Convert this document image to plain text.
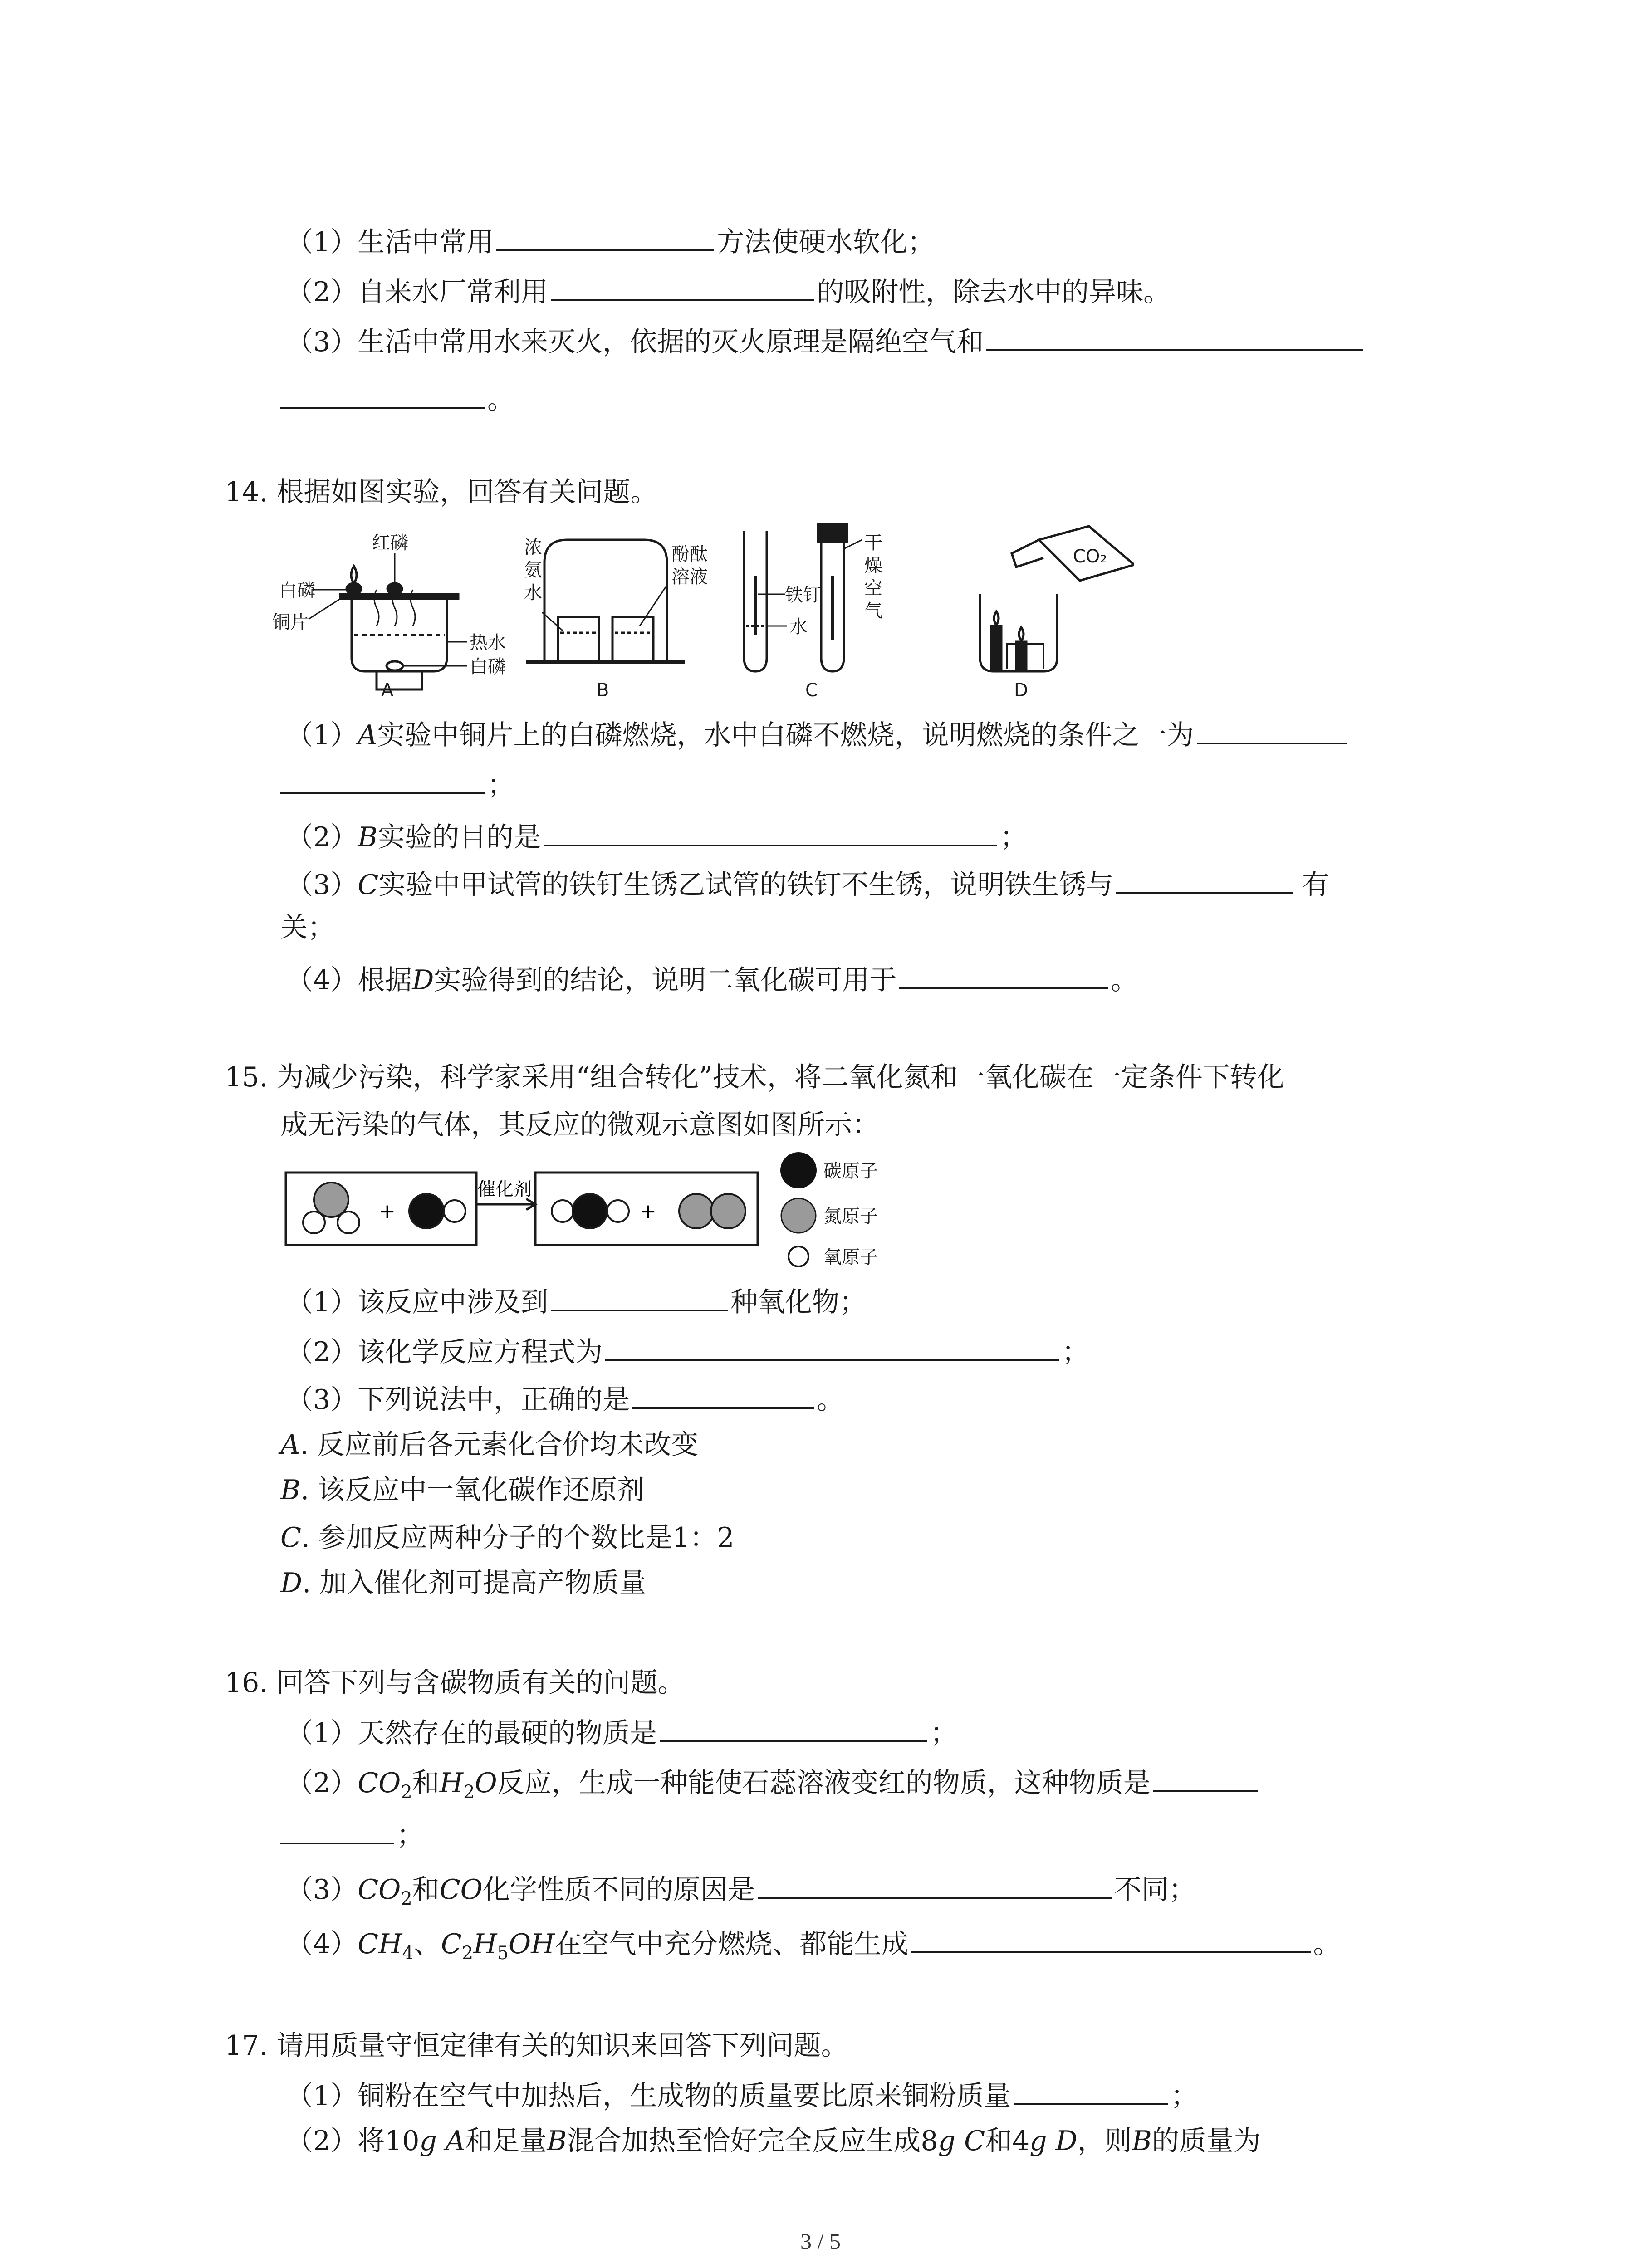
（1）生活中常用	方法使硬水软化；
（2）自来水厂常利用	的吸附性，除去水中的异味。
（3）生活中常用水来灭火，依据的灭火原理是隔绝空气和
。
14. 根据如图实验，回答有关问题。
白磷
红磷
铜片
热水
白磷
A
浓
氨
水
酚酞
溶液
B
铁钉
水
干
燥
空
气
C
CO₂
D
（1）A实验中铜片上的白磷燃烧，水中白磷不燃烧，说明燃烧的条件之一为
；
（2）B实验的目的是	；
（3）C实验中甲试管的铁钉生锈乙试管的铁钉不生锈，说明铁生锈与	有
关；
（4）根据D实验得到的结论，说明二氧化碳可用于	。
15. 为减少污染，科学家采用“组合转化”技术，将二氧化氮和一氧化碳在一定条件下转化
成无污染的气体，其反应的微观示意图如图所示：
+
催化剂
+
碳原子
氮原子
氧原子
（1）该反应中涉及到	种氧化物；
（2）该化学反应方程式为	；
（3）下列说法中，正确的是	。
A. 反应前后各元素化合价均未改变
B. 该反应中一氧化碳作还原剂
C. 参加反应两种分子的个数比是1：2
D. 加入催化剂可提高产物质量
16. 回答下列与含碳物质有关的问题。
（1）天然存在的最硬的物质是	；
$(2)CO_2$和$H_2O$反应，生成一种能使石蕊溶液变红的物质，这种物质是
；
$(3)CO_2$和CO化学性质不同的原因是	不同；
$(4)CH_4$、$C_2H_5OH$在空气中充分燃烧、都能生成	。
17. 请用质量守恒定律有关的知识来回答下列问题。
（1）铜粉在空气中加热后，生成物的质量要比原来铜粉质量	；
（2）将10g A和足量B混合加热至恰好完全反应生成8g C和4g D，则B的质量为
3 / 5
